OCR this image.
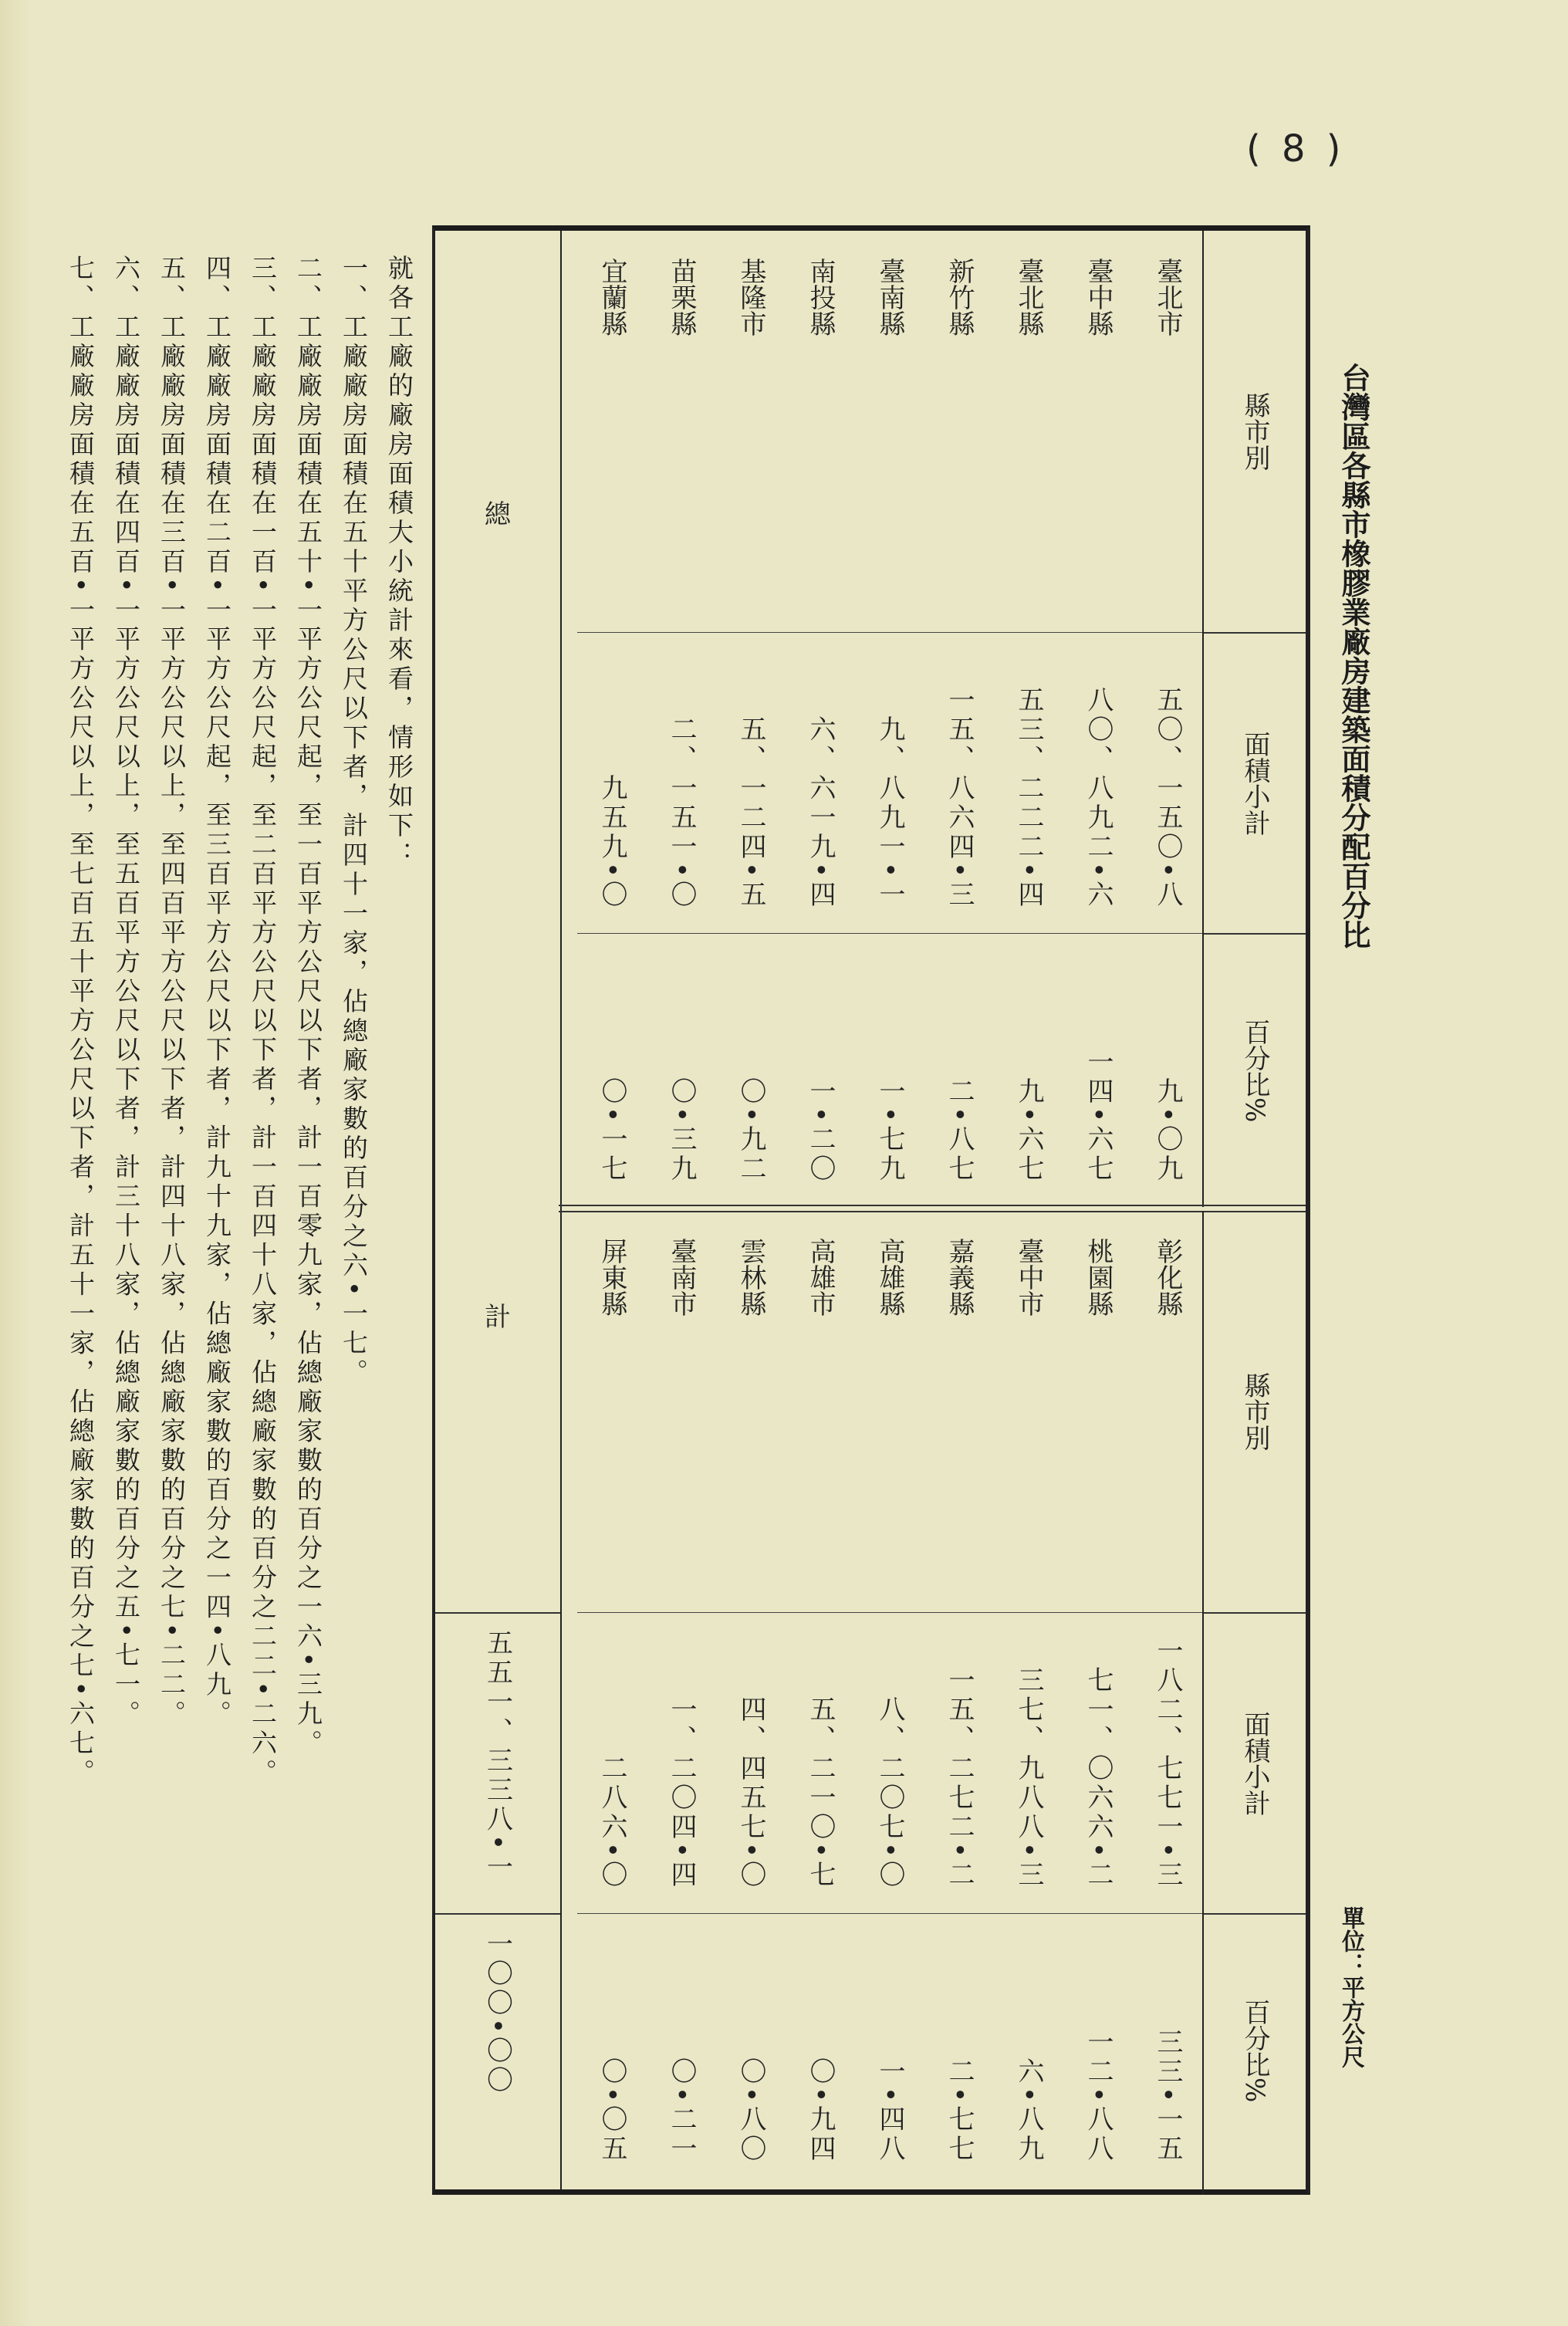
( 8 )
台灣區各縣市橡膠業廠房建築面積分配百分比
單位：平方公尺
總
計
五五一、三三八•一
一〇〇•〇〇
縣市別
面積小計
百分比%
臺北市
五〇、一五〇•八
九•〇九
臺中縣
八〇、八九二•六
一四•六七
臺北縣
五三、二二二•四
九•六七
新竹縣
一五、八六四•三
二•八七
臺南縣
九、八九一•一
一•七九
南投縣
六、六一九•四
一•二〇
基隆市
五、一二四•五
〇•九二
苗栗縣
二、一五一•〇
〇•三九
宜蘭縣
九五九•〇
〇•一七
縣市別
面積小計
百分比%
彰化縣
一八二、七七一•三
三三•一五
桃園縣
七一、〇六六•二
一二•八八
臺中市
三七、九八八•三
六•八九
嘉義縣
一五、二七二•二
二•七七
高雄縣
八、二〇七•〇
一•四八
高雄市
五、二一〇•七
〇•九四
雲林縣
四、四五七•〇
〇•八〇
臺南市
一、二〇四•四
〇•二一
屏東縣
二八六•〇
〇•〇五

就各工廠的廠房面積大小統計來看，情形如下：

一、工廠廠房面積在五十平方公尺以下者，計四十一家，佔總廠家數的百分之六•一七。

二、工廠廠房面積在五十•一平方公尺起，至一百平方公尺以下者，計一百零九家，佔總廠家數的百分之一六•三九。

三、工廠廠房面積在一百•一平方公尺起，至二百平方公尺以下者，計一百四十八家，佔總廠家數的百分之二二•二六。

四、工廠廠房面積在二百•一平方公尺起，至三百平方公尺以下者，計九十九家，佔總廠家數的百分之一四•八九。

五、工廠廠房面積在三百•一平方公尺以上，至四百平方公尺以下者，計四十八家，佔總廠家數的百分之七•二二。

六、工廠廠房面積在四百•一平方公尺以上，至五百平方公尺以下者，計三十八家，佔總廠家數的百分之五•七一。

七、工廠廠房面積在五百•一平方公尺以上，至七百五十平方公尺以下者，計五十一家，佔總廠家數的百分之七•六七。
